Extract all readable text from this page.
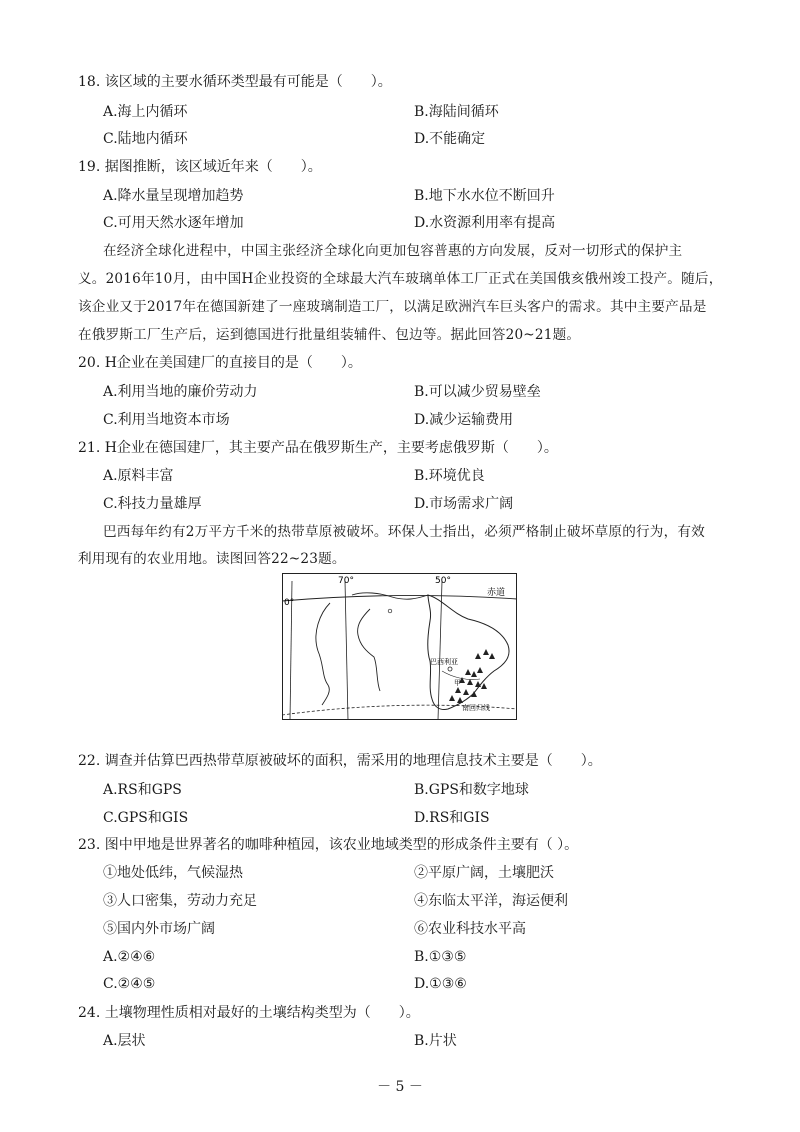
18. 该区域的主要水循环类型最有可能是（　　）。
A.海上内循环	B.海陆间循环
C.陆地内循环	D.不能确定
19. 据图推断，该区域近年来（　　）。
A.降水量呈现增加趋势	B.地下水水位不断回升
C.可用天然水逐年增加	D.水资源利用率有提高
在经济全球化进程中，中国主张经济全球化向更加包容普惠的方向发展，反对一切形式的保护主
义。2016年10月，由中国H企业投资的全球最大汽车玻璃单体工厂正式在美国俄亥俄州竣工投产。随后，
该企业又于2017年在德国新建了一座玻璃制造工厂，以满足欧洲汽车巨头客户的需求。其中主要产品是
在俄罗斯工厂生产后，运到德国进行批量组装辅件、包边等。据此回答20~21题。
20. H企业在美国建厂的直接目的是（　　）。
A.利用当地的廉价劳动力	B.可以减少贸易壁垒
C.利用当地资本市场	D.减少运输费用
21. H企业在德国建厂，其主要产品在俄罗斯生产，主要考虑俄罗斯（　　）。
A.原料丰富	B.环境优良
C.科技力量雄厚	D.市场需求广阔
巴西每年约有2万平方千米的热带草原被破坏。环保人士指出，必须严格制止破坏草原的行为，有效
利用现有的农业用地。读图回答22~23题。
70°	50°
0°
赤道
巴西利亚
甲
南回归线
22. 调查并估算巴西热带草原被破坏的面积，需采用的地理信息技术主要是（　　）。
A.RS和GPS	B.GPS和数字地球
C.GPS和GIS	D.RS和GIS
23. 图中甲地是世界著名的咖啡种植园，该农业地域类型的形成条件主要有（ ）。
①地处低纬，气候湿热	②平原广阔，土壤肥沃
③人口密集，劳动力充足	④东临太平洋，海运便利
⑤国内外市场广阔	⑥农业科技水平高
A.②④⑥	B.①③⑤
C.②④⑤	D.①③⑥
24. 土壤物理性质相对最好的土壤结构类型为（　　）。
A.层状	B.片状
－ 5 －
